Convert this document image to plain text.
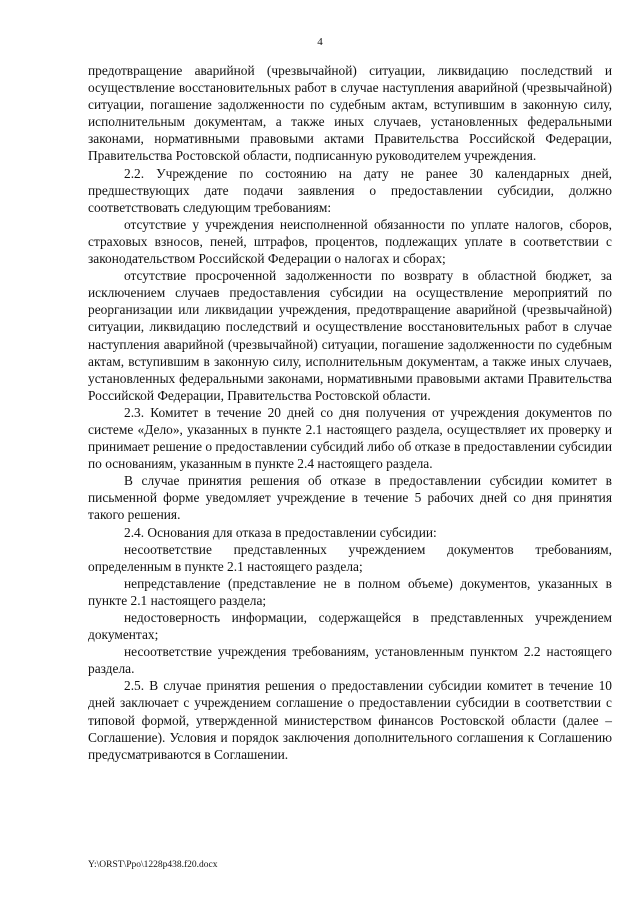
4

предотвращение аварийной (чрезвычайной) ситуации, ликвидацию последствий и осуществление восстановительных работ в случае наступления аварийной (чрезвычайной) ситуации, погашение задолженности по судебным актам, вступившим в законную силу, исполнительным документам, а также иных случаев, установленных федеральными законами, нормативными правовыми актами Правительства Российской Федерации, Правительства Ростовской области, подписанную руководителем учреждения.

2.2. Учреждение по состоянию на дату не ранее 30 календарных дней, предшествующих дате подачи заявления о предоставлении субсидии, должно соответствовать следующим требованиям:

отсутствие у учреждения неисполненной обязанности по уплате налогов, сборов, страховых взносов, пеней, штрафов, процентов, подлежащих уплате в соответствии с законодательством Российской Федерации о налогах и сборах;

отсутствие просроченной задолженности по возврату в областной бюджет, за исключением случаев предоставления субсидии на осуществление мероприятий по реорганизации или ликвидации учреждения, предотвращение аварийной (чрезвычайной) ситуации, ликвидацию последствий и осуществление восстановительных работ в случае наступления аварийной (чрезвычайной) ситуации, погашение задолженности по судебным актам, вступившим в законную силу, исполнительным документам, а также иных случаев, установленных федеральными законами, нормативными правовыми актами Правительства Российской Федерации, Правительства Ростовской области.

2.3. Комитет в течение 20 дней со дня получения от учреждения документов по системе «Дело», указанных в пункте 2.1 настоящего раздела, осуществляет их проверку и принимает решение о предоставлении субсидий либо об отказе в предоставлении субсидии по основаниям, указанным в пункте 2.4 настоящего раздела.

В случае принятия решения об отказе в предоставлении субсидии комитет в письменной форме уведомляет учреждение в течение 5 рабочих дней со дня принятия такого решения.

2.4. Основания для отказа в предоставлении субсидии:

несоответствие представленных учреждением документов требованиям, определенным в пункте 2.1 настоящего раздела;

непредставление (представление не в полном объеме) документов, указанных в пункте 2.1 настоящего раздела;

недостоверность информации, содержащейся в представленных учреждением документах;

несоответствие учреждения требованиям, установленным пунктом 2.2 настоящего раздела.

2.5. В случае принятия решения о предоставлении субсидии комитет в течение 10 дней заключает с учреждением соглашение о предоставлении субсидии в соответствии с типовой формой, утвержденной министерством финансов Ростовской области (далее – Соглашение). Условия и порядок заключения дополнительного соглашения к Соглашению предусматриваются в Соглашении.

Y:\ORST\Ppo\1228p438.f20.docx
